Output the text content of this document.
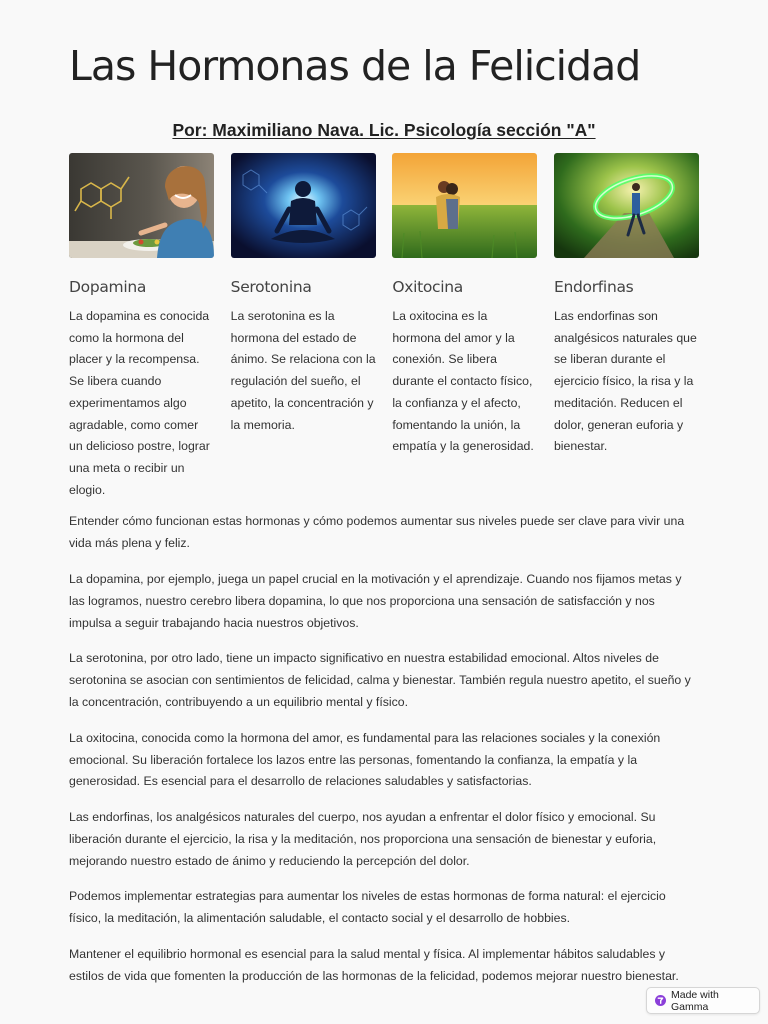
Las Hormonas de la Felicidad
Por: Maximiliano Nava. Lic. Psicología sección "A"
Dopamina
La dopamina es conocida como la hormona del placer y la recompensa. Se libera cuando experimentamos algo agradable, como comer un delicioso postre, lograr una meta o recibir un elogio.
Serotonina
La serotonina es la hormona del estado de ánimo. Se relaciona con la regulación del sueño, el apetito, la concentración y la memoria.
Oxitocina
La oxitocina es la hormona del amor y la conexión. Se libera durante el contacto físico, la confianza y el afecto, fomentando la unión, la empatía y la generosidad.
Endorfinas
Las endorfinas son analgésicos naturales que se liberan durante el ejercicio físico, la risa y la meditación. Reducen el dolor, generan euforia y bienestar.
Entender cómo funcionan estas hormonas y cómo podemos aumentar sus niveles puede ser clave para vivir una vida más plena y feliz.
La dopamina, por ejemplo, juega un papel crucial en la motivación y el aprendizaje. Cuando nos fijamos metas y las logramos, nuestro cerebro libera dopamina, lo que nos proporciona una sensación de satisfacción y nos impulsa a seguir trabajando hacia nuestros objetivos.
La serotonina, por otro lado, tiene un impacto significativo en nuestra estabilidad emocional. Altos niveles de serotonina se asocian con sentimientos de felicidad, calma y bienestar. También regula nuestro apetito, el sueño y la concentración, contribuyendo a un equilibrio mental y físico.
La oxitocina, conocida como la hormona del amor, es fundamental para las relaciones sociales y la conexión emocional. Su liberación fortalece los lazos entre las personas, fomentando la confianza, la empatía y la generosidad. Es esencial para el desarrollo de relaciones saludables y satisfactorias.
Las endorfinas, los analgésicos naturales del cuerpo, nos ayudan a enfrentar el dolor físico y emocional. Su liberación durante el ejercicio, la risa y la meditación, nos proporciona una sensación de bienestar y euforia, mejorando nuestro estado de ánimo y reduciendo la percepción del dolor.
Podemos implementar estrategias para aumentar los niveles de estas hormonas de forma natural: el ejercicio físico, la meditación, la alimentación saludable, el contacto social y el desarrollo de hobbies.
Mantener el equilibrio hormonal es esencial para la salud mental y física. Al implementar hábitos saludables y estilos de vida que fomenten la producción de las hormonas de la felicidad, podemos mejorar nuestro bienestar.
Made with Gamma
